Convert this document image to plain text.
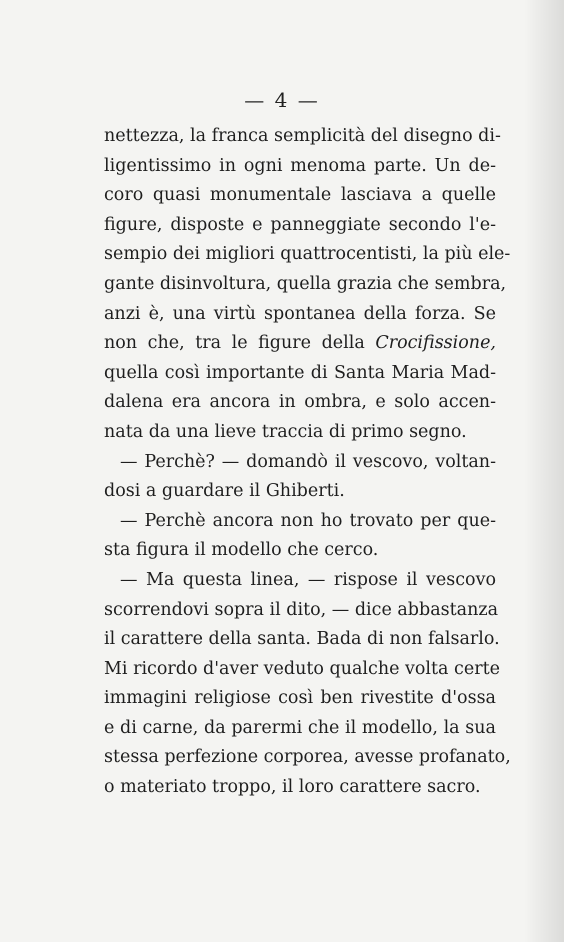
— 4 —
nettezza, la franca semplicità del disegno di-
ligentissimo in ogni menoma parte. Un de-
coro quasi monumentale lasciava a quelle
figure, disposte e panneggiate secondo l'e-
sempio dei migliori quattrocentisti, la più ele-
gante disinvoltura, quella grazia che sembra,
anzi è, una virtù spontanea della forza. Se
non che, tra le figure della Crocifissione,
quella così importante di Santa Maria Mad-
dalena era ancora in ombra, e solo accen-
nata da una lieve traccia di primo segno.
— Perchè? — domandò il vescovo, voltan-
dosi a guardare il Ghiberti.
— Perchè ancora non ho trovato per que-
sta figura il modello che cerco.
— Ma questa linea, — rispose il vescovo
scorrendovi sopra il dito, — dice abbastanza
il carattere della santa. Bada di non falsarlo.
Mi ricordo d'aver veduto qualche volta certe
immagini religiose così ben rivestite d'ossa
e di carne, da parermi che il modello, la sua
stessa perfezione corporea, avesse profanato,
o materiato troppo, il loro carattere sacro.
